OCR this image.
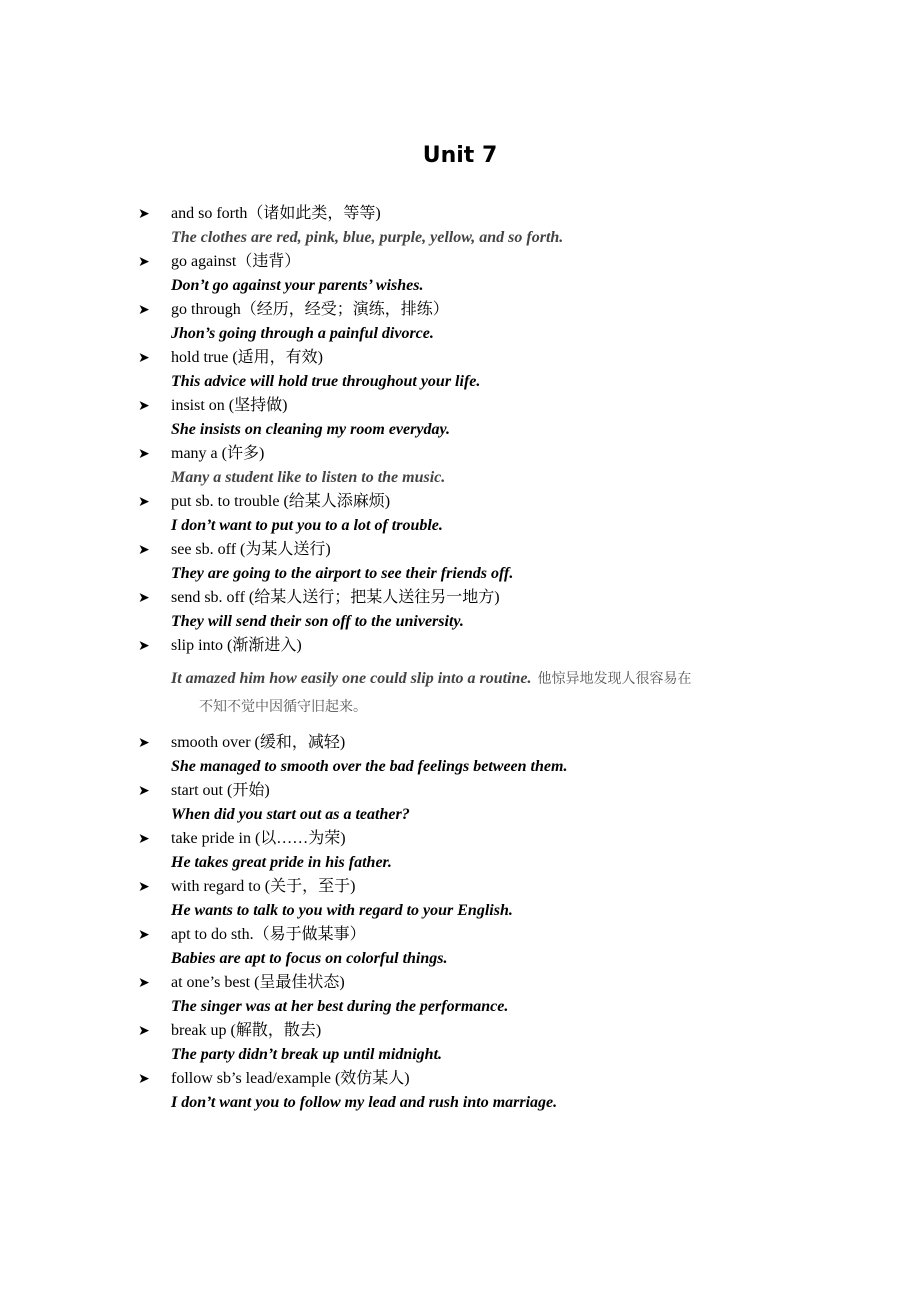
Unit 7
➤ and so forth（诸如此类，等等)
The clothes are red, pink, blue, purple, yellow, and so forth.
➤ go against（违背）
Don’t go against your parents’ wishes.
➤ go through（经历，经受；演练，排练）
Jhon’s going through a painful divorce.
➤ hold true (适用，有效)
This advice will hold true throughout your life.
➤ insist on (坚持做)
She insists on cleaning my room everyday.
➤ many a (许多)
Many a student like to listen to the music.
➤ put sb. to trouble (给某人添麻烦)
I don’t want to put you to a lot of trouble.
➤ see sb. off (为某人送行)
They are going to the airport to see their friends off.
➤ send sb. off (给某人送行；把某人送往另一地方)
They will send their son off to the university.
➤ slip into (渐渐进入)
It amazed him how easily one could slip into a routine. 他惊异地发现人很容易在
不知不觉中因循守旧起来。
➤ smooth over (缓和，减轻)
She managed to smooth over the bad feelings between them.
➤ start out (开始)
When did you start out as a teather?
➤ take pride in (以……为荣)
He takes great pride in his father.
➤ with regard to (关于，至于)
He wants to talk to you with regard to your English.
➤ apt to do sth.（易于做某事）
Babies are apt to focus on colorful things.
➤ at one’s best (呈最佳状态)
The singer was at her best during the performance.
➤ break up (解散，散去)
The party didn’t break up until midnight.
➤ follow sb’s lead/example (效仿某人)
I don’t want you to follow my lead and rush into marriage.
